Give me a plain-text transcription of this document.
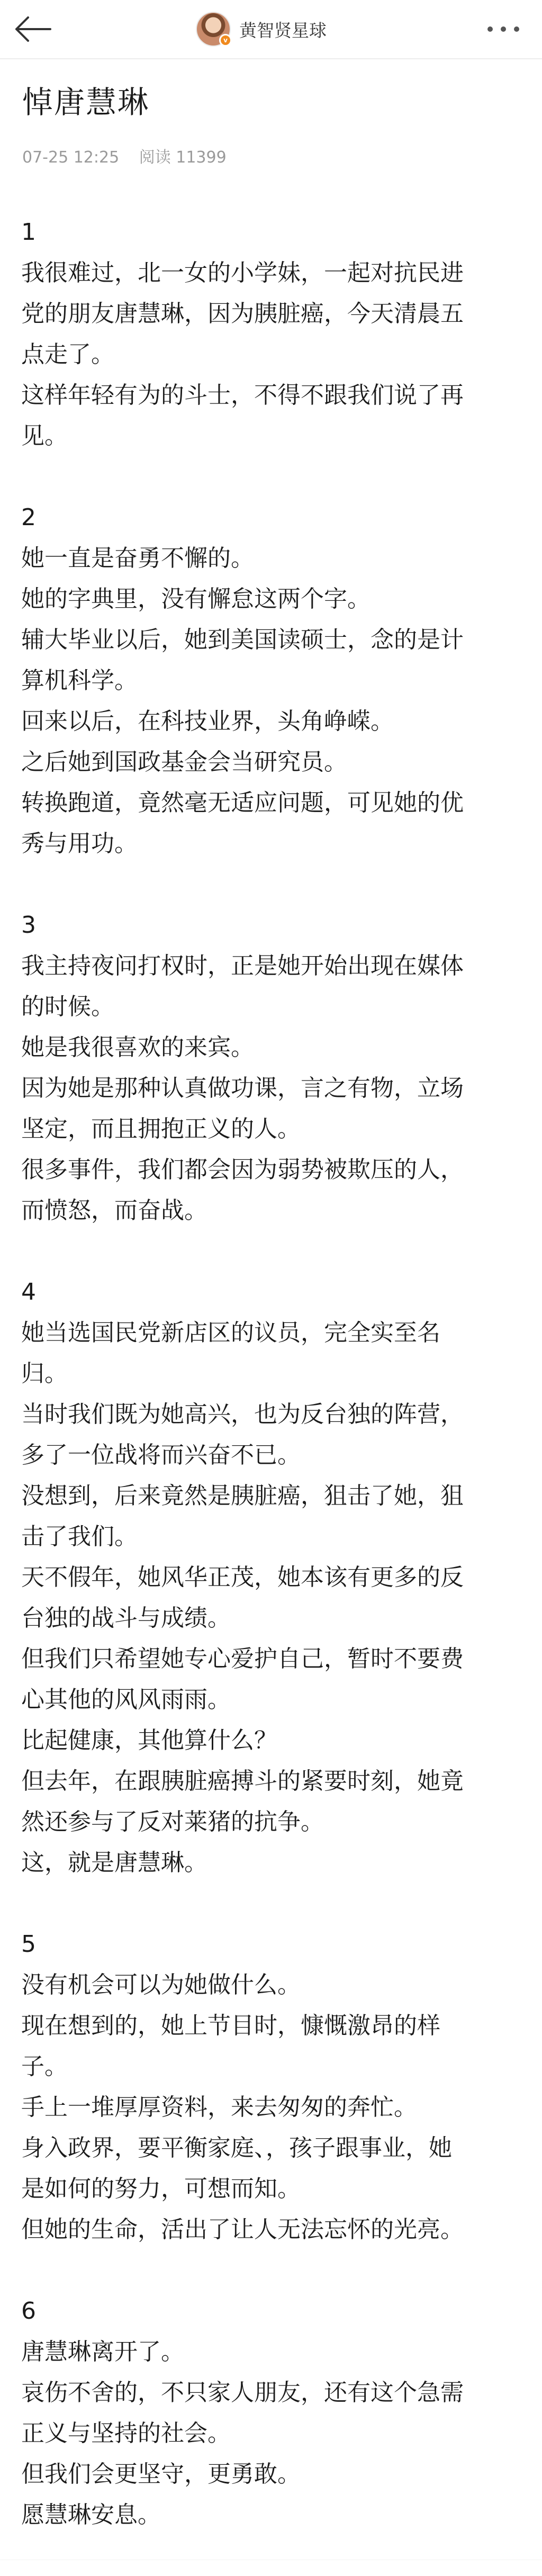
v 黄智贤星球
悼唐慧琳
07-25 12:25 阅读 11399
1
我很难过，北一女的小学妹，一起对抗民进
党的朋友唐慧琳，因为胰脏癌，今天清晨五
点走了。
这样年轻有为的斗士，不得不跟我们说了再
见。
2
她一直是奋勇不懈的。
她的字典里，没有懈怠这两个字。
辅大毕业以后，她到美国读硕士，念的是计
算机科学。
回来以后，在科技业界，头角峥嵘。
之后她到国政基金会当研究员。
转换跑道，竟然毫无适应问题，可见她的优
秀与用功。
3
我主持夜问打权时，正是她开始出现在媒体
的时候。
她是我很喜欢的来宾。
因为她是那种认真做功课，言之有物，立场
坚定，而且拥抱正义的人。
很多事件，我们都会因为弱势被欺压的人，
而愤怒，而奋战。
4
她当选国民党新店区的议员，完全实至名
归。
当时我们既为她高兴，也为反台独的阵营，
多了一位战将而兴奋不已。
没想到，后来竟然是胰脏癌，狙击了她，狙
击了我们。
天不假年，她风华正茂，她本该有更多的反
台独的战斗与成绩。
但我们只希望她专心爱护自己，暂时不要费
心其他的风风雨雨。
比起健康，其他算什么？
但去年，在跟胰脏癌搏斗的紧要时刻，她竟
然还参与了反对莱猪的抗争。
这，就是唐慧琳。
5
没有机会可以为她做什么。
现在想到的，她上节目时，慷慨激昂的样
子。
手上一堆厚厚资料，来去匆匆的奔忙。
身入政界，要平衡家庭、，孩子跟事业，她
是如何的努力，可想而知。
但她的生命，活出了让人无法忘怀的光亮。
6
唐慧琳离开了。
哀伤不舍的，不只家人朋友，还有这个急需
正义与坚持的社会。
但我们会更坚守，更勇敢。
愿慧琳安息。
